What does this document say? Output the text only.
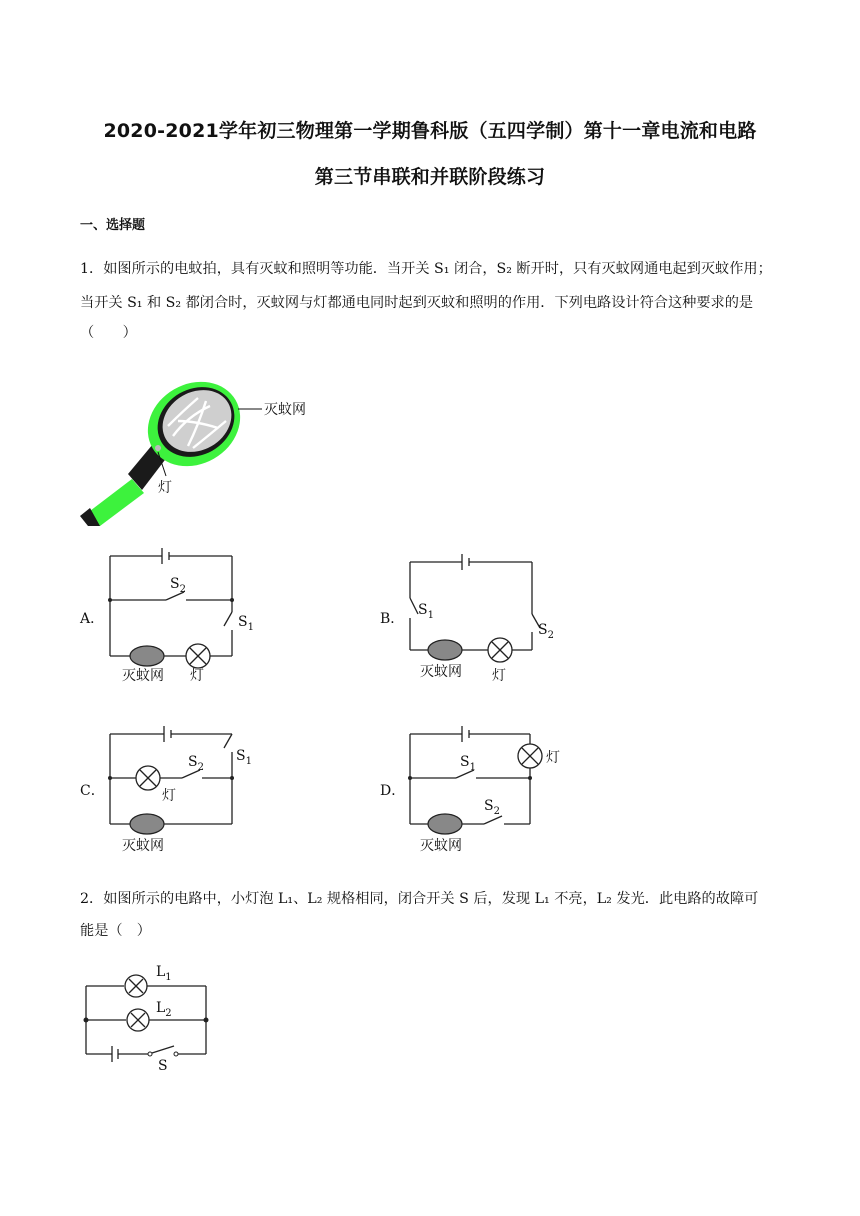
2020-2021学年初三物理第一学期鲁科版（五四学制）第十一章电流和电路
第三节串联和并联阶段练习
一、选择题
1．如图所示的电蚊拍，具有灭蚊和照明等功能．当开关 S₁ 闭合，S₂ 断开时，只有灭蚊网通电起到灭蚊作用；
当开关 S₁ 和 S₂ 都闭合时，灭蚊网与灯都通电同时起到灭蚊和照明的作用．下列电路设计符合这种要求的是
（　　）
灭蚊网
灯
A．	B．
C．	D．
$S_2$
$S_1$
灭蚊网 灯
$S_1$
$S_2$
灭蚊网 灯
$S_2$
$S_1$
灯
灭蚊网
$S_1$
$S_2$
灯
灭蚊网
2．如图所示的电路中，小灯泡 L₁、L₂ 规格相同，闭合开关 S 后，发现 L₁ 不亮，L₂ 发光．此电路的故障可
能是（　）
$L_1$
$L_2$
S
